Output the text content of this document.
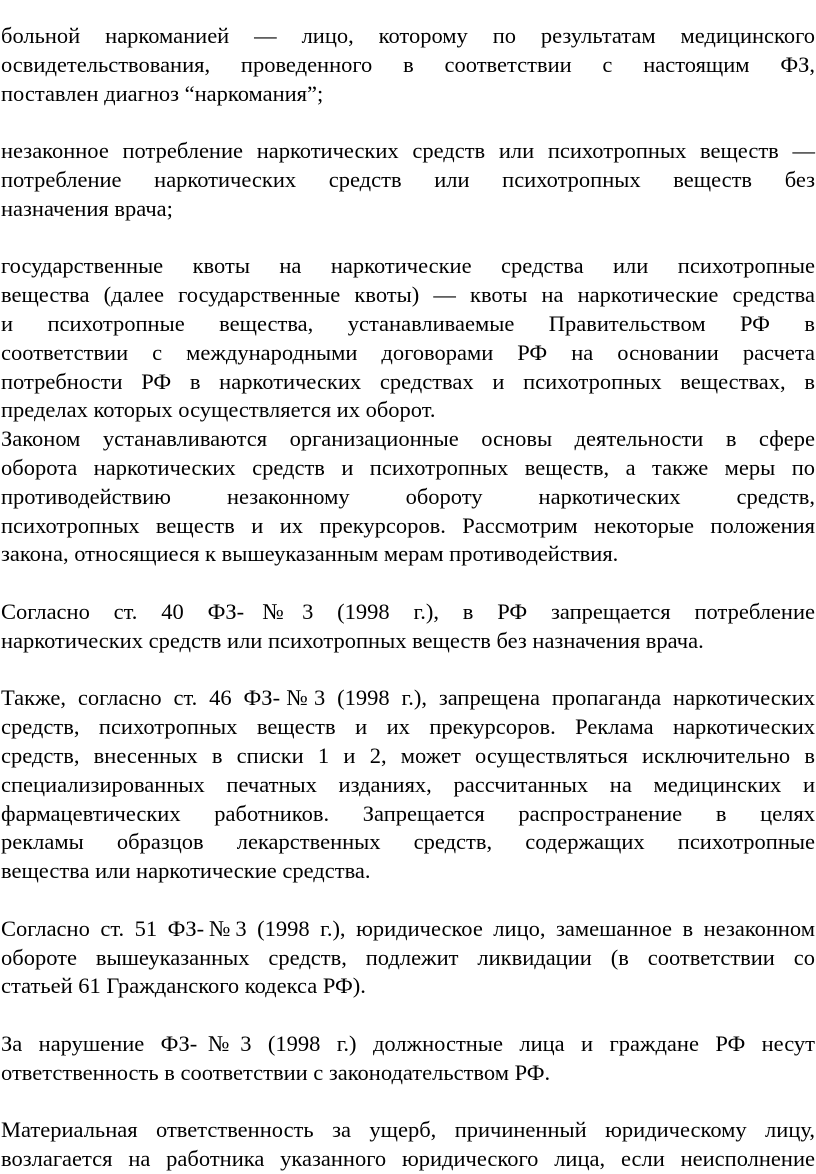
больной наркоманией — лицо, которому по результатам медицинского
освидетельствования, проведенного в соответствии с настоящим ФЗ,
поставлен диагноз “наркомания”;
незаконное потребление наркотических средств или психотропных веществ —
потребление наркотических средств или психотропных веществ без
назначения врача;
государственные квоты на наркотические средства или психотропные
вещества (далее государственные квоты) — квоты на наркотические средства
и психотропные вещества, устанавливаемые Правительством РФ в
соответствии с международными договорами РФ на основании расчета
потребности РФ в наркотических средствах и психотропных веществах, в
пределах которых осуществляется их оборот.
Законом устанавливаются организационные основы деятельности в сфере
оборота наркотических средств и психотропных веществ, а также меры по
противодействию незаконному обороту наркотических средств,
психотропных веществ и их прекурсоров. Рассмотрим некоторые положения
закона, относящиеся к вышеуказанным мерам противодействия.
Согласно ст. 40 ФЗ-№3 (1998 г.), в РФ запрещается потребление
наркотических средств или психотропных веществ без назначения врача.
Также, согласно ст. 46 ФЗ-№3 (1998 г.), запрещена пропаганда наркотических
средств, психотропных веществ и их прекурсоров. Реклама наркотических
средств, внесенных в списки 1 и 2, может осуществляться исключительно в
специализированных печатных изданиях, рассчитанных на медицинских и
фармацевтических работников. Запрещается распространение в целях
рекламы образцов лекарственных средств, содержащих психотропные
вещества или наркотические средства.
Согласно ст. 51 ФЗ-№3 (1998 г.), юридическое лицо, замешанное в незаконном
обороте вышеуказанных средств, подлежит ликвидации (в соответствии со
статьей 61 Гражданского кодекса РФ).
За нарушение ФЗ-№3 (1998 г.) должностные лица и граждане РФ несут
ответственность в соответствии с законодательством РФ.
Материальная ответственность за ущерб, причиненный юридическому лицу,
возлагается на работника указанного юридического лица, если неисполнение
